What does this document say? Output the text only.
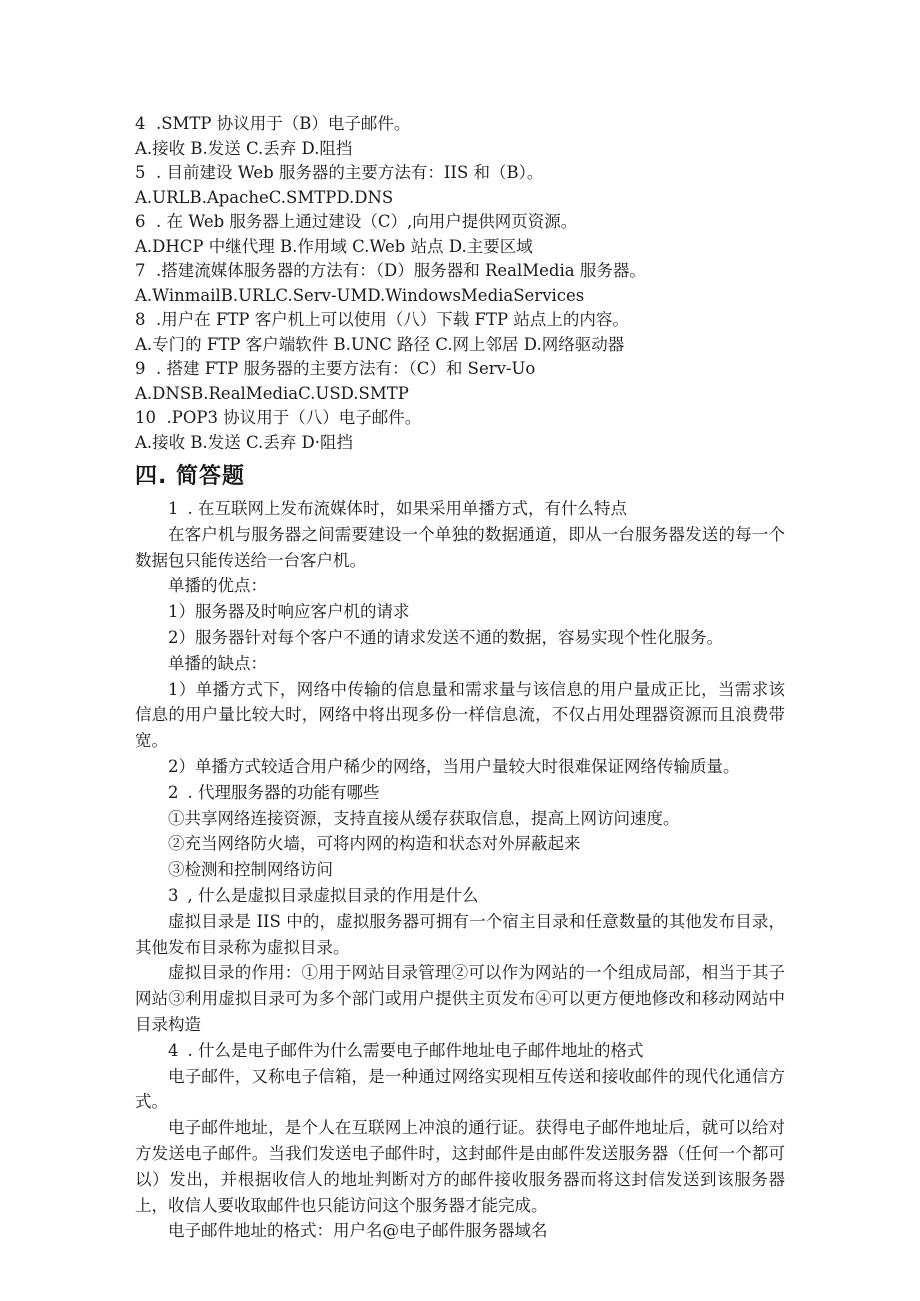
4	.SMTP 协议用于（B）电子邮件。

A.接收 B.发送 C.丢弃 D.阻挡

5	. 目前建设 Web 服务器的主要方法有：IIS 和（B）。

A.URLB.ApacheC.SMTPD.DNS

6	. 在 Web 服务器上通过建设（C）,向用户提供网页资源。

A.DHCP 中继代理 B.作用域 C.Web 站点 D.主要区域

7	.搭建流媒体服务器的方法有：（D）服务器和 RealMedia 服务器。

A.WinmailB.URLC.Serv-UMD.WindowsMediaServices

8	.用户在 FTP 客户机上可以使用（八）下载 FTP 站点上的内容。

A.专门的 FTP 客户端软件 B.UNC 路径 C.网上邻居 D.网络驱动器

9	. 搭建 FTP 服务器的主要方法有：（C）和 Serv-Uo

A.DNSB.RealMediaC.USD.SMTP

10	.POP3 协议用于（八）电子邮件。

A.接收 B.发送 C.丢弃 D·阻挡

四. 简答题

1	. 在互联网上发布流媒体时，如果采用单播方式，有什么特点

在客户机与服务器之间需要建设一个单独的数据通道，即从一台服务器发送的每一个数据包只能传送给一台客户机。

单播的优点：

1）服务器及时响应客户机的请求

2）服务器针对每个客户不通的请求发送不通的数据，容易实现个性化服务。

单播的缺点：

1）单播方式下，网络中传输的信息量和需求量与该信息的用户量成正比，当需求该信息的用户量比较大时，网络中将出现多份一样信息流，不仅占用处理器资源而且浪费带宽。

2）单播方式较适合用户稀少的网络，当用户量较大时很难保证网络传输质量。

2	. 代理服务器的功能有哪些

①共享网络连接资源，支持直接从缓存获取信息，提高上网访问速度。

②充当网络防火墙，可将内网的构造和状态对外屏蔽起来

③检测和控制网络访问

3	, 什么是虚拟目录虚拟目录的作用是什么

虚拟目录是 IIS 中的，虚拟服务器可拥有一个宿主目录和任意数量的其他发布目录，其他发布目录称为虚拟目录。

虚拟目录的作用：①用于网站目录管理②可以作为网站的一个组成局部，相当于其子网站③利用虚拟目录可为多个部门或用户提供主页发布④可以更方便地修改和移动网站中目录构造

4	. 什么是电子邮件为什么需要电子邮件地址电子邮件地址的格式

电子邮件，又称电子信箱，是一种通过网络实现相互传送和接收邮件的现代化通信方式。

电子邮件地址，是个人在互联网上冲浪的通行证。获得电子邮件地址后，就可以给对方发送电子邮件。当我们发送电子邮件时，这封邮件是由邮件发送服务器（任何一个都可以）发出，并根据收信人的地址判断对方的邮件接收服务器而将这封信发送到该服务器上，收信人要收取邮件也只能访问这个服务器才能完成。

电子邮件地址的格式：用户名@电子邮件服务器域名
